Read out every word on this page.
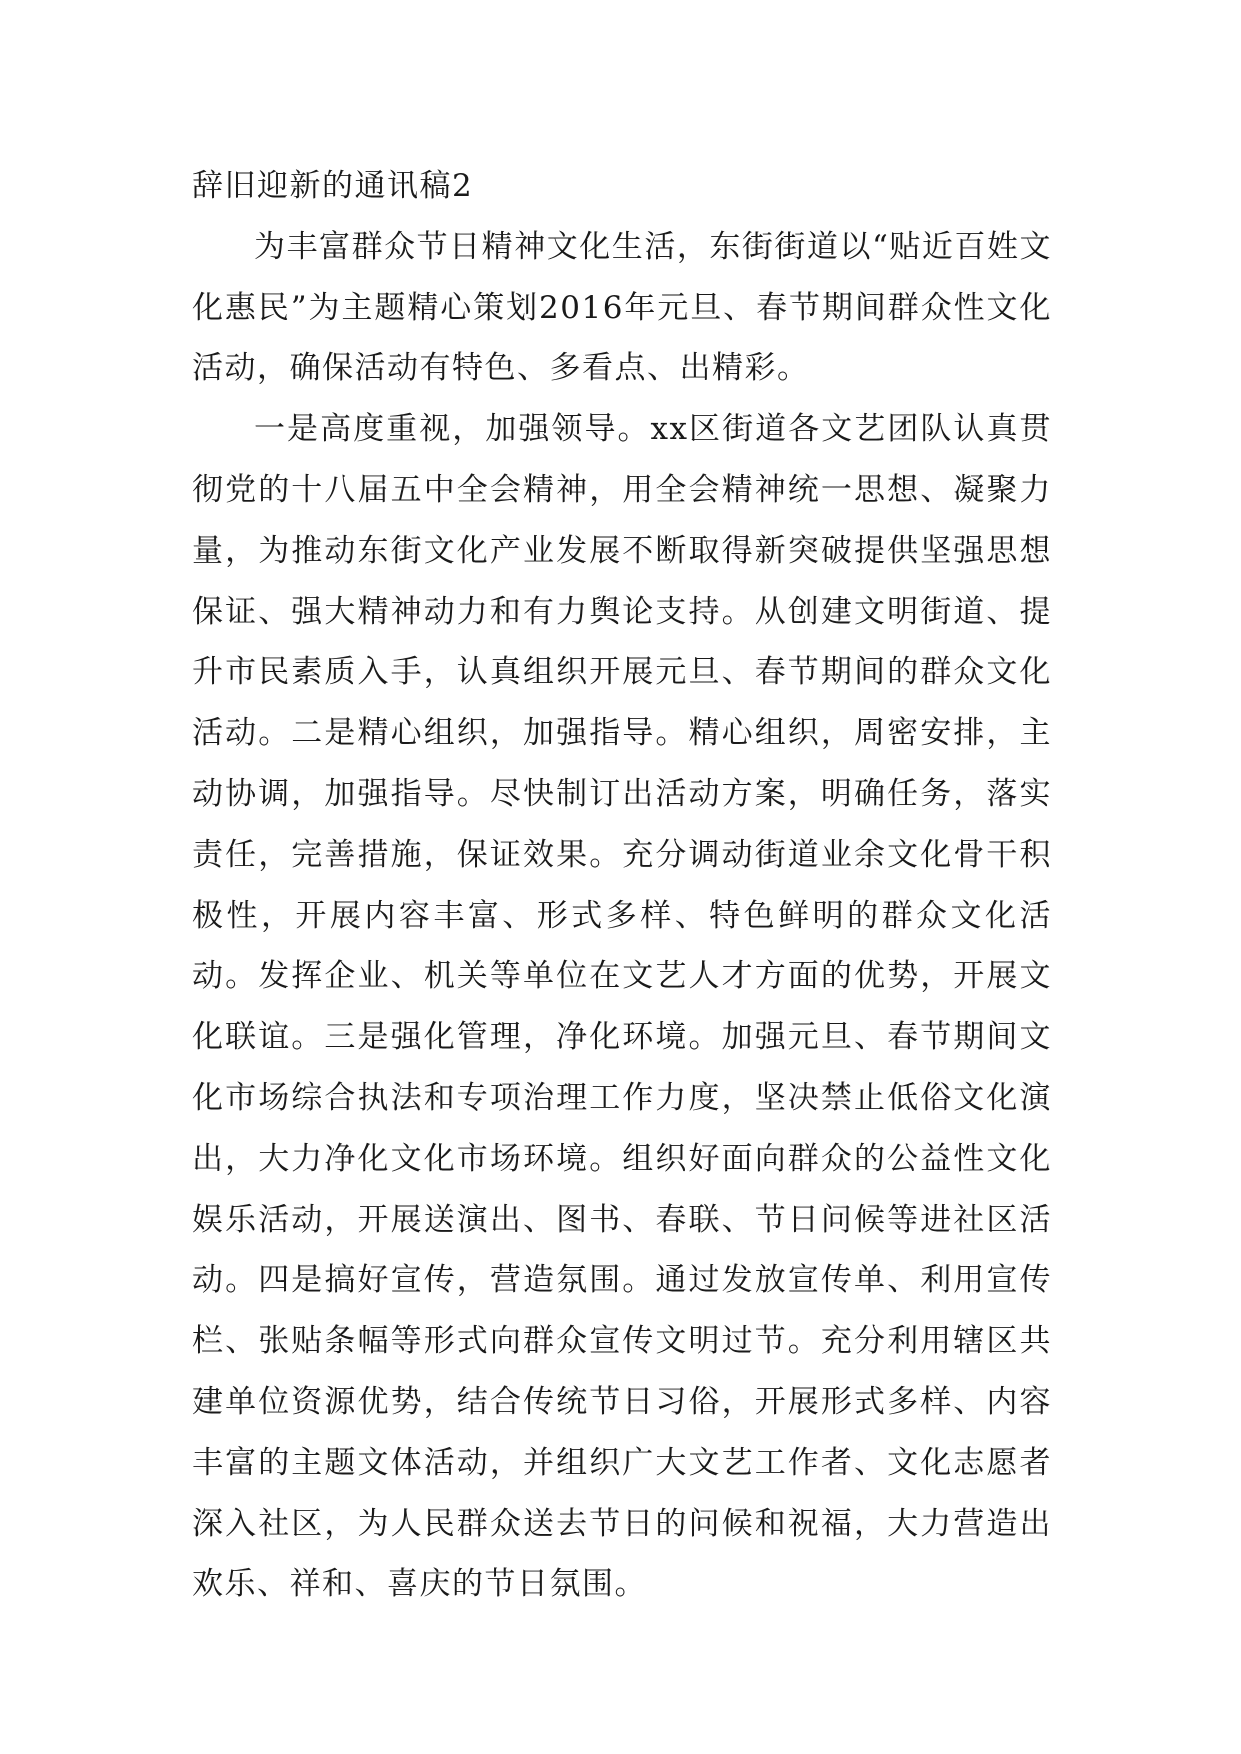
辞旧迎新的通讯稿2

为丰富群众节日精神文化生活，东街街道以“贴近百姓文化惠民”为主题精心策划2016年元旦、春节期间群众性文化活动，确保活动有特色、多看点、出精彩。

一是高度重视，加强领导。xx区街道各文艺团队认真贯彻党的十八届五中全会精神，用全会精神统一思想、凝聚力量，为推动东街文化产业发展不断取得新突破提供坚强思想保证、强大精神动力和有力舆论支持。从创建文明街道、提升市民素质入手，认真组织开展元旦、春节期间的群众文化活动。二是精心组织，加强指导。精心组织，周密安排，主动协调，加强指导。尽快制订出活动方案，明确任务，落实责任，完善措施，保证效果。充分调动街道业余文化骨干积极性，开展内容丰富、形式多样、特色鲜明的群众文化活动。发挥企业、机关等单位在文艺人才方面的优势，开展文化联谊。三是强化管理，净化环境。加强元旦、春节期间文化市场综合执法和专项治理工作力度，坚决禁止低俗文化演出，大力净化文化市场环境。组织好面向群众的公益性文化娱乐活动，开展送演出、图书、春联、节日问候等进社区活动。四是搞好宣传，营造氛围。通过发放宣传单、利用宣传栏、张贴条幅等形式向群众宣传文明过节。充分利用辖区共建单位资源优势，结合传统节日习俗，开展形式多样、内容丰富的主题文体活动，并组织广大文艺工作者、文化志愿者深入社区，为人民群众送去节日的问候和祝福，大力营造出欢乐、祥和、喜庆的节日氛围。
